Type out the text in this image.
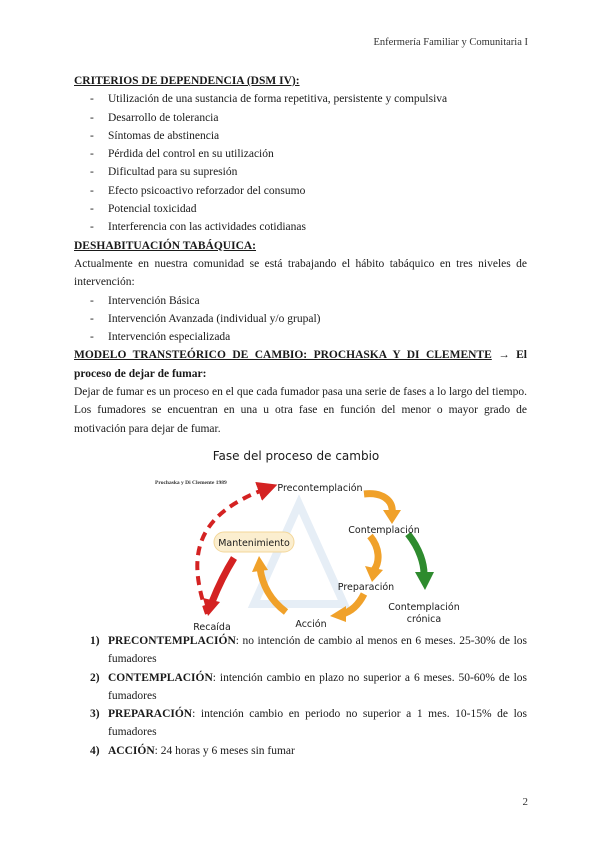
Enfermería Familiar y Comunitaria I
CRITERIOS DE DEPENDENCIA (DSM IV):
- Utilización de una sustancia de forma repetitiva, persistente y compulsiva
- Desarrollo de tolerancia
- Síntomas de abstinencia
- Pérdida del control en su utilización
- Dificultad para su supresión
- Efecto psicoactivo reforzador del consumo
- Potencial toxicidad
- Interferencia con las actividades cotidianas
DESHABITUACIÓN TABÁQUICA:

Actualmente en nuestra comunidad se está trabajando el hábito tabáquico en tres niveles de intervención:

- Intervención Básica
- Intervención Avanzada (individual y/o grupal)
- Intervención especializada

MODELO TRANSTEÓRICO DE CAMBIO: PROCHASKA Y DI CLEMENTE → El proceso de dejar de fumar:

Dejar de fumar es un proceso en el que cada fumador pasa una serie de fases a lo largo del tiempo. Los fumadores se encuentran en una u otra fase en función del menor o mayor grado de motivación para dejar de fumar.

Fase del proceso de cambio
Prochaska y Di Clemente 1989	Precontemplación
Contemplación
Mantenimiento
Preparación
Acción
Recaída
Contemplación
crónica
1) PRECONTEMPLACIÓN: no intención de cambio al menos en 6 meses. 25-30% de los fumadores
2) CONTEMPLACIÓN: intención cambio en plazo no superior a 6 meses. 50-60% de los fumadores
3) PREPARACIÓN: intención cambio en periodo no superior a 1 mes. 10-15% de los fumadores
4) ACCIÓN: 24 horas y 6 meses sin fumar
2
